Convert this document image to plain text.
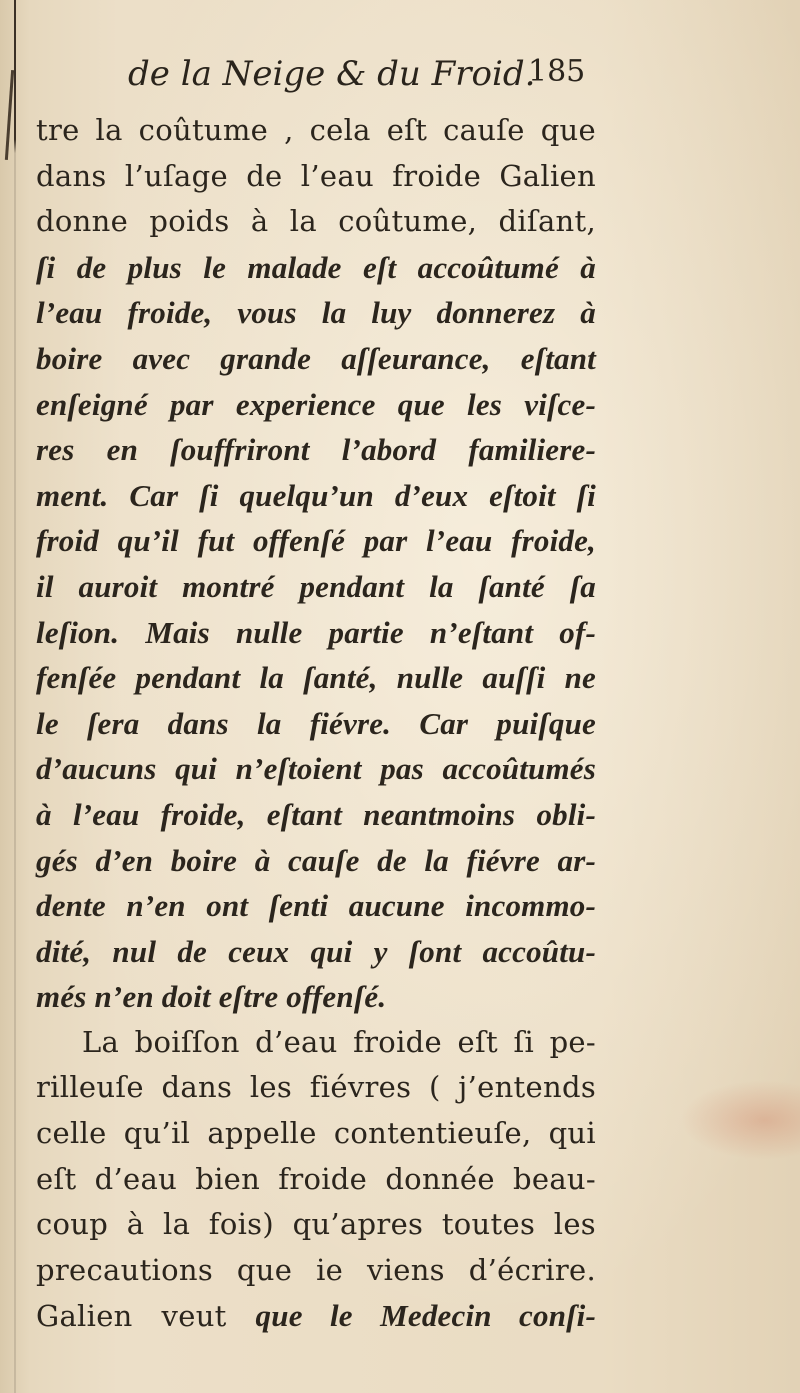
de la Neige & du Froid.
185
tre la coûtume , cela eſt cauſe que
dans l’uſage de l’eau froide Galien
donne poids à la coûtume, diſant,
ſi de plus le malade eſt accoûtumé à
l’eau froide, vous la luy donnerez à
boire avec grande aſſeurance, eſtant
enſeigné par experience que les viſce-
res en ſouffriront l’abord familiere-
ment. Car ſi quelqu’un d’eux eſtoit ſi
froid qu’il fut offenſé par l’eau froide,
il auroit montré pendant la ſanté ſa
leſion. Mais nulle partie n’eſtant of-
fenſée pendant la ſanté, nulle auſſi ne
le ſera dans la fiévre. Car puiſque
d’aucuns qui n’eſtoient pas accoûtumés
à l’eau froide, eſtant neantmoins obli-
gés d’en boire à cauſe de la fiévre ar-
dente n’en ont ſenti aucune incommo-
dité, nul de ceux qui y ſont accoûtu-
més n’en doit eſtre offenſé.
La boiſſon d’eau froide eſt ſi pe-
rilleuſe dans les fiévres ( j’entends
celle qu’il appelle contentieuſe, qui
eſt d’eau bien froide donnée beau-
coup à la fois) qu’apres toutes les
precautions que ie viens d’écrire.
Galien veut que le Medecin conſi-
